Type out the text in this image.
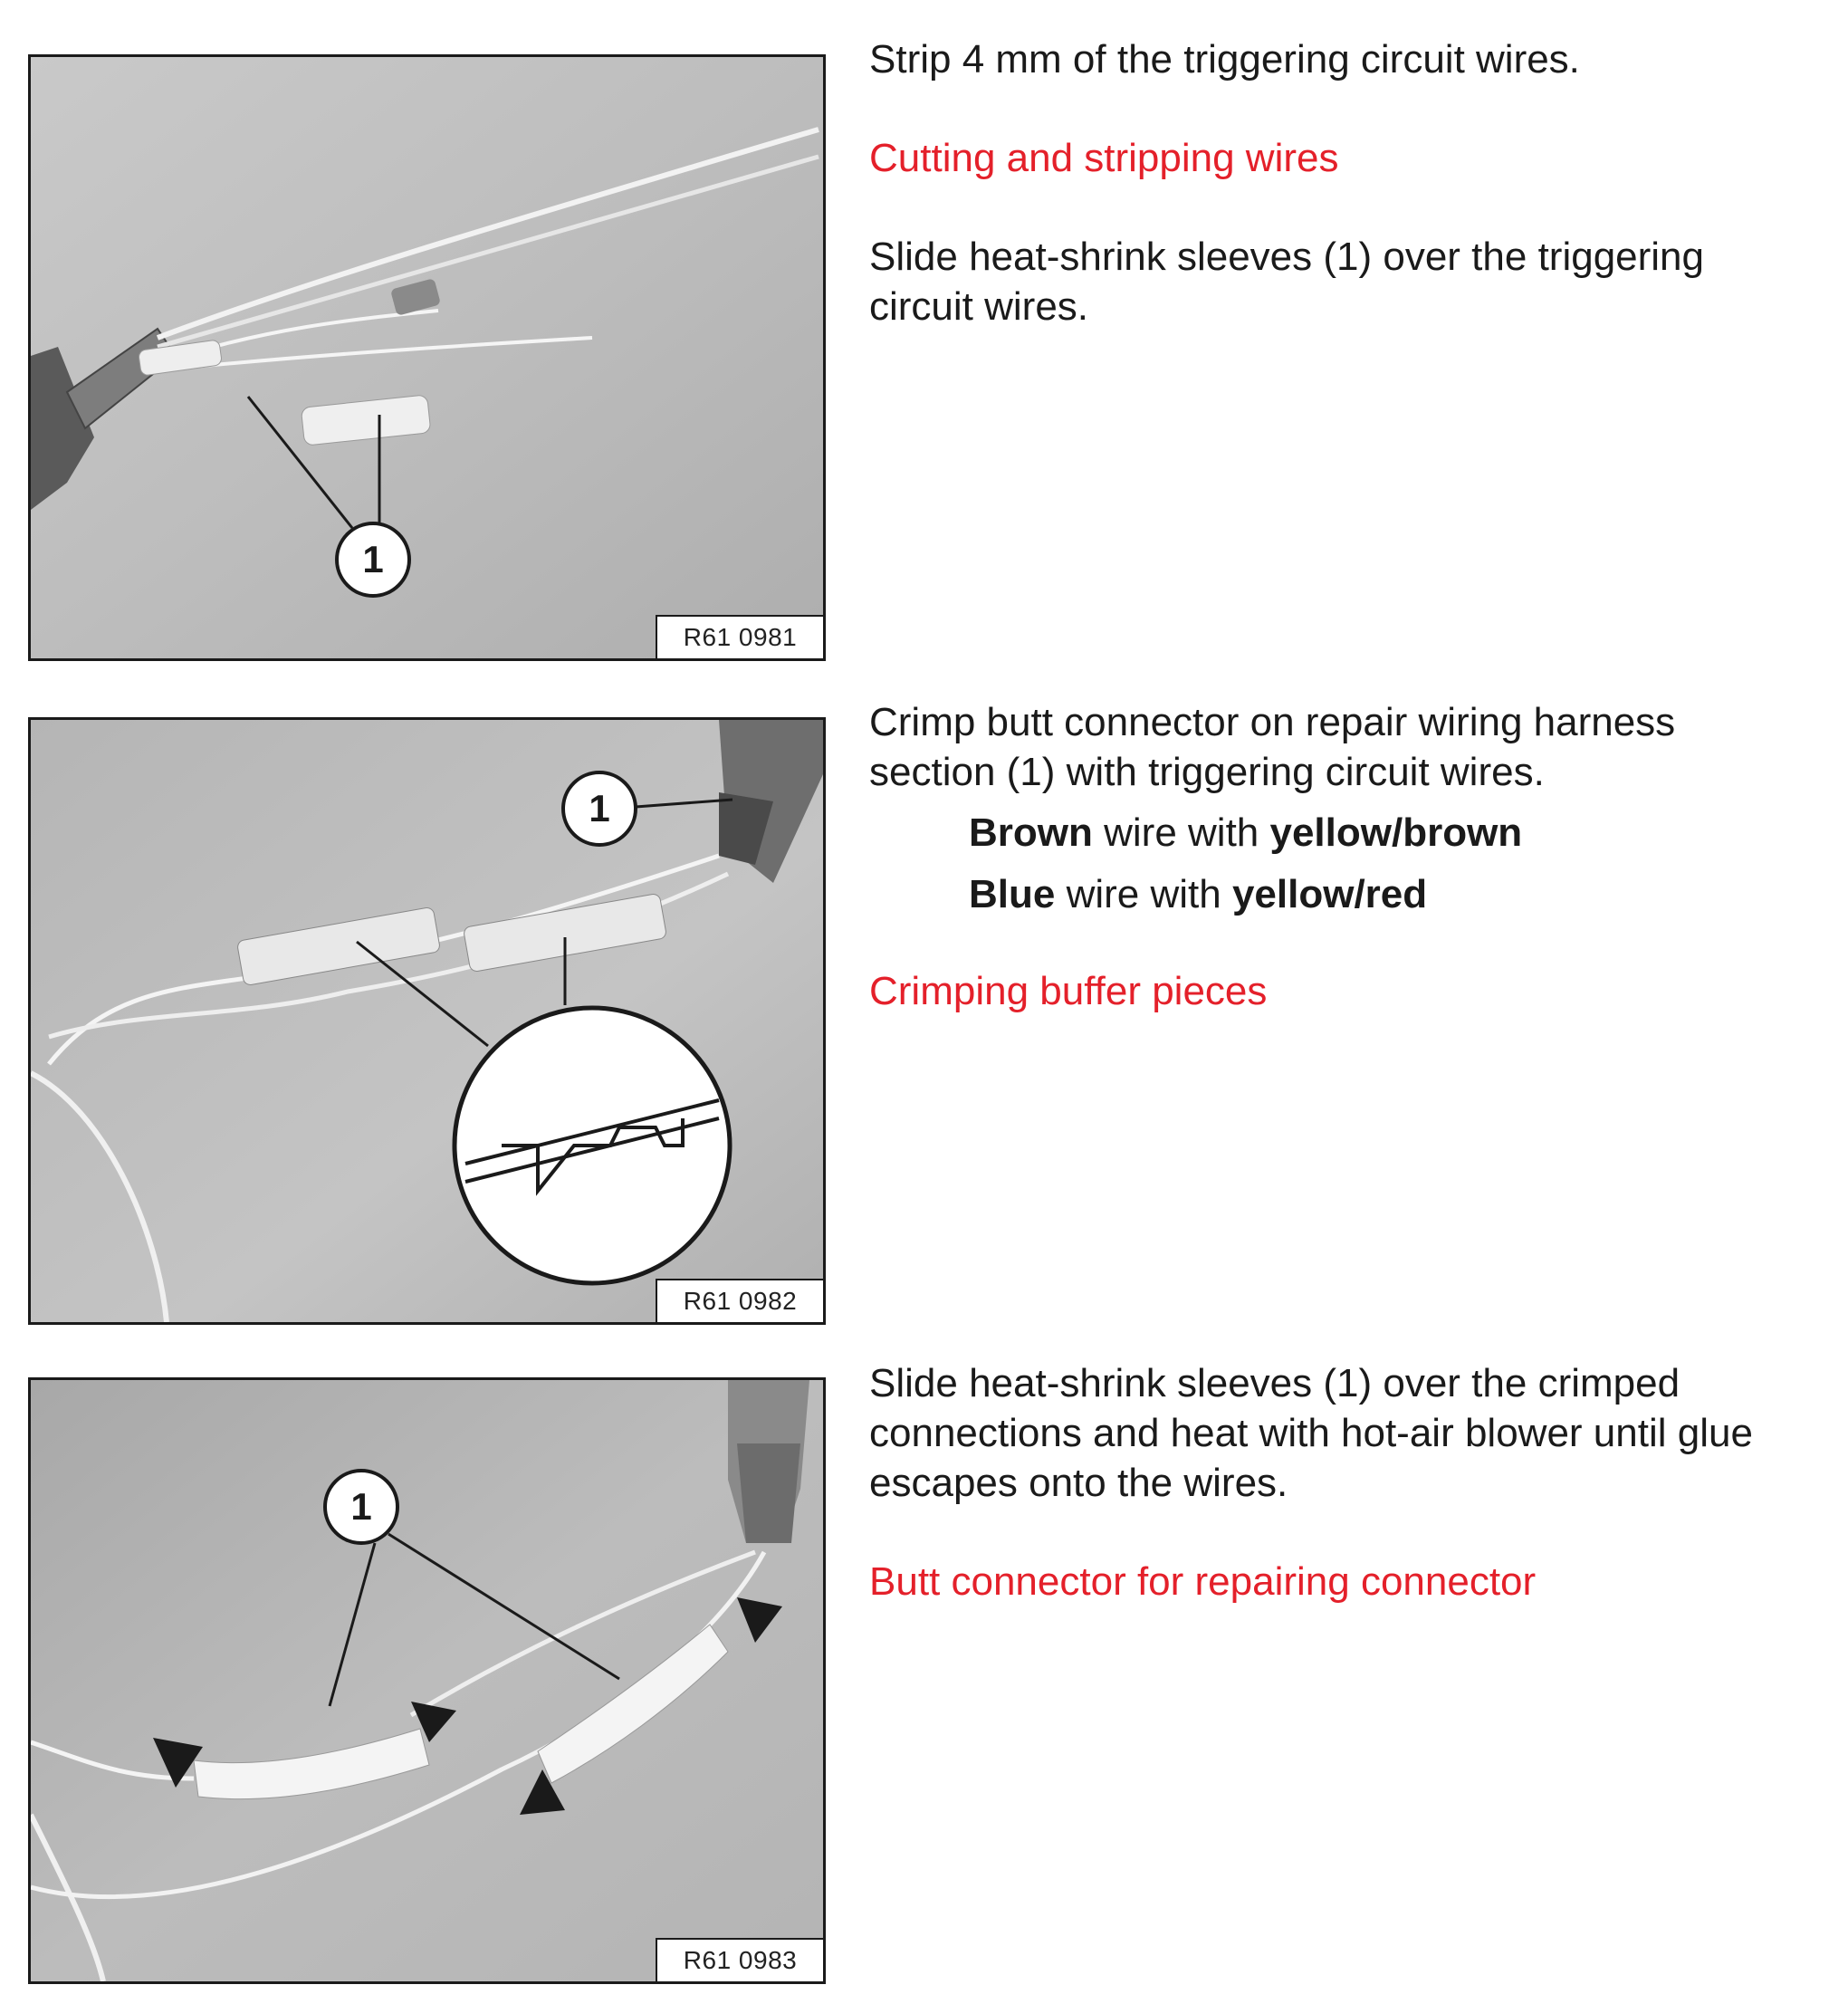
1
R61 0981

Strip 4 mm of the triggering circuit wires.

Cutting and stripping wires

Slide heat-shrink sleeves (1) over the triggering circuit wires.

1
R61 0982

Crimp butt connector on repair wiring harness section (1) with triggering circuit wires.

Brown wire with yellow/brown
Blue wire with yellow/red
Crimping buffer pieces
1
R61 0983

Slide heat-shrink sleeves (1) over the crimped connections and heat with hot-air blower until glue escapes onto the wires.

Butt connector for repairing connector
